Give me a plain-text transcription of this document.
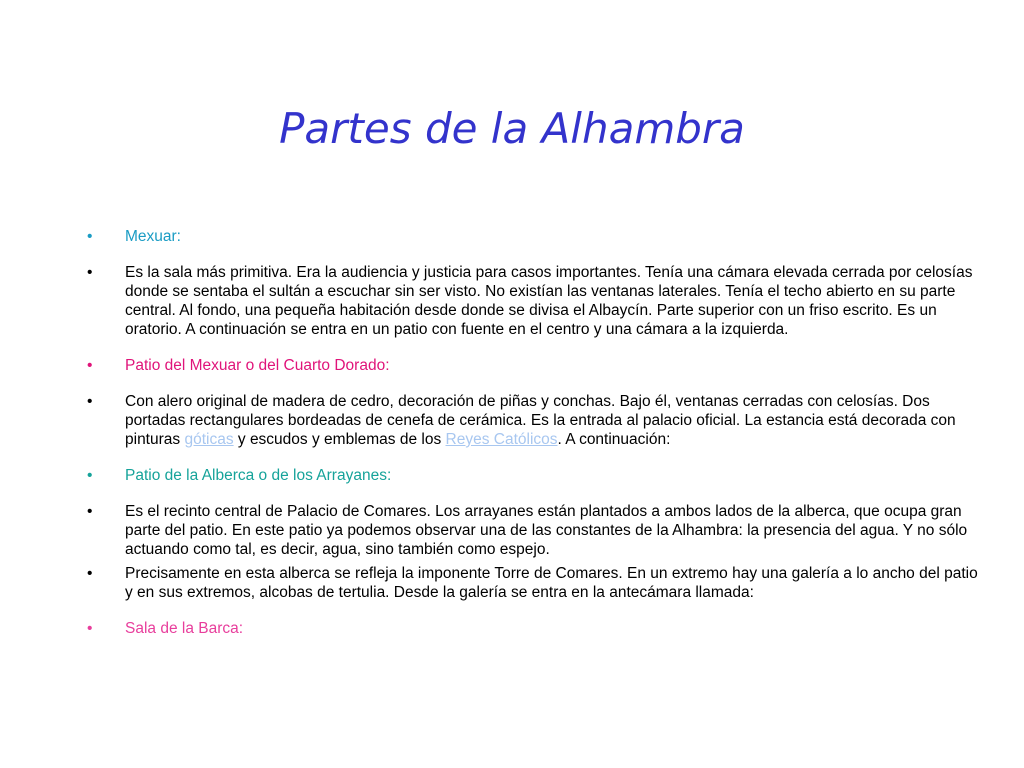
Partes de la Alhambra
•	Mexuar:
•	Es la sala más primitiva. Era la audiencia y justicia para casos importantes. Tenía una cámara elevada cerrada por celosías donde se sentaba el sultán a escuchar sin ser visto. No existían las ventanas laterales. Tenía el techo abierto en su parte central. Al fondo, una pequeña habitación desde donde se divisa el Albaycín. Parte superior con un friso escrito. Es un oratorio. A continuación se entra en un patio con fuente en el centro y una cámara a la izquierda.
•	Patio del Mexuar o del Cuarto Dorado:
•	Con alero original de madera de cedro, decoración de piñas y conchas. Bajo él, ventanas cerradas con celosías. Dos portadas rectangulares bordeadas de cenefa de cerámica. Es la entrada al palacio oficial. La estancia está decorada con pinturas góticas y escudos y emblemas de los Reyes Católicos. A continuación:
•	Patio de la Alberca o de los Arrayanes:
•	Es el recinto central de Palacio de Comares. Los arrayanes están plantados a ambos lados de la alberca, que ocupa gran parte del patio. En este patio ya podemos observar una de las constantes de la Alhambra: la presencia del agua. Y no sólo actuando como tal, es decir, agua, sino también como espejo.
•	Precisamente en esta alberca se refleja la imponente Torre de Comares. En un extremo hay una galería a lo ancho del patio y en sus extremos, alcobas de tertulia. Desde la galería se entra en la antecámara llamada:
•	Sala de la Barca:
